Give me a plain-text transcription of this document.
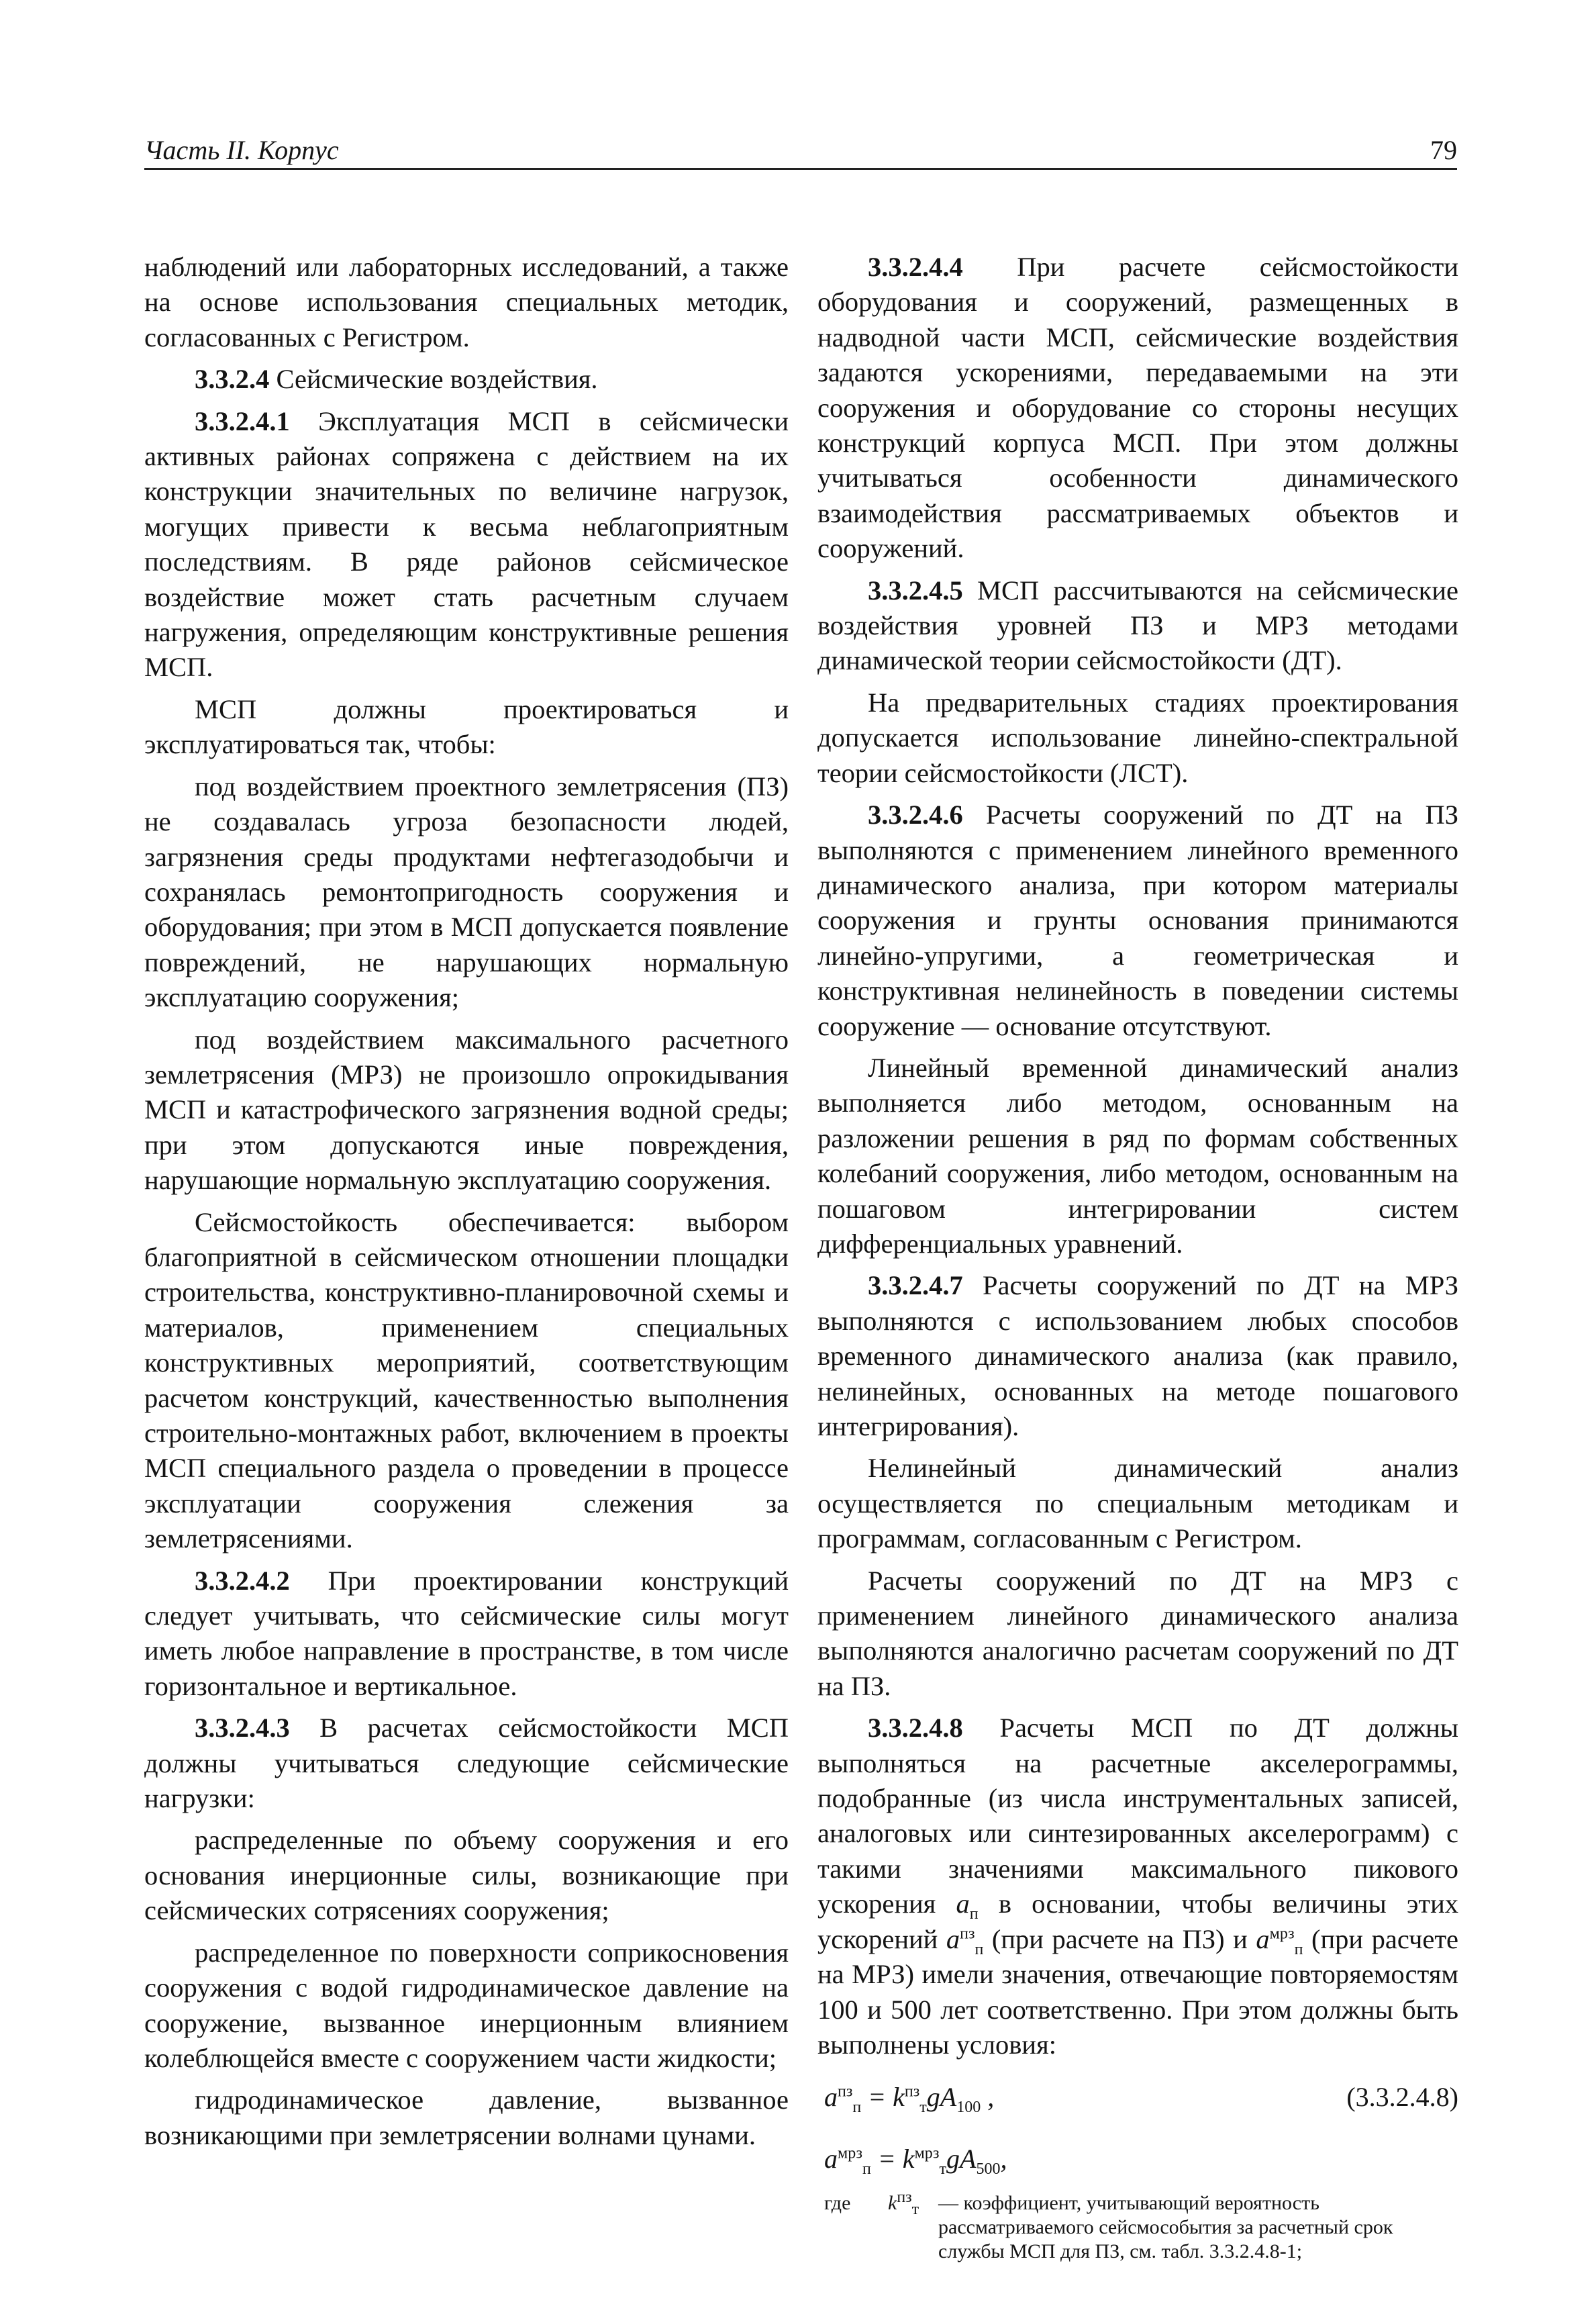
Часть II. Корпус	79

наблюдений или лабораторных исследований, а также на основе использования специальных методик, согласованных с Регистром.

3.3.2.4 Сейсмические воздействия.

3.3.2.4.1 Эксплуатация МСП в сейсмически активных районах сопряжена с действием на их конструкции значительных по величине нагрузок, могущих привести к весьма неблагоприятным последствиям. В ряде районов сейсмическое воздействие может стать расчетным случаем нагружения, определяющим конструктивные решения МСП.

МСП должны проектироваться и эксплуатироваться так, чтобы:

под воздействием проектного землетрясения (ПЗ) не создавалась угроза безопасности людей, загрязнения среды продуктами нефтегазодобычи и сохранялась ремонтопригодность сооружения и оборудования; при этом в МСП допускается появление повреждений, не нарушающих нормальную эксплуатацию сооружения;

под воздействием максимального расчетного землетрясения (МРЗ) не произошло опрокидывания МСП и катастрофического загрязнения водной среды; при этом допускаются иные повреждения, нарушающие нормальную эксплуатацию сооружения.

Сейсмостойкость обеспечивается: выбором благоприятной в сейсмическом отношении площадки строительства, конструктивно-планировочной схемы и материалов, применением специальных конструктивных мероприятий, соответствующим расчетом конструкций, качественностью выполнения строительно-монтажных работ, включением в проекты МСП специального раздела о проведении в процессе эксплуатации сооружения слежения за землетрясениями.

3.3.2.4.2 При проектировании конструкций следует учитывать, что сейсмические силы могут иметь любое направление в пространстве, в том числе горизонтальное и вертикальное.

3.3.2.4.3 В расчетах сейсмостойкости МСП должны учитываться следующие сейсмические нагрузки:

распределенные по объему сооружения и его основания инерционные силы, возникающие при сейсмических сотрясениях сооружения;

распределенное по поверхности соприкосновения сооружения с водой гидродинамическое давление на сооружение, вызванное инерционным влиянием колеблющейся вместе с сооружением части жидкости;

гидродинамическое давление, вызванное возникающими при землетрясении волнами цунами.

3.3.2.4.4 При расчете сейсмостойкости оборудования и сооружений, размещенных в надводной части МСП, сейсмические воздействия задаются ускорениями, передаваемыми на эти сооружения и оборудование со стороны несущих конструкций корпуса МСП. При этом должны учитываться особенности динамического взаимодействия рассматриваемых объектов и сооружений.

3.3.2.4.5 МСП рассчитываются на сейсмические воздействия уровней ПЗ и МРЗ методами динамической теории сейсмостойкости (ДТ).

На предварительных стадиях проектирования допускается использование линейно-спектральной теории сейсмостойкости (ЛСТ).

3.3.2.4.6 Расчеты сооружений по ДТ на ПЗ выполняются с применением линейного временного динамического анализа, при котором материалы сооружения и грунты основания принимаются линейно-упругими, а геометрическая и конструктивная нелинейность в поведении системы сооружение — основание отсутствуют.

Линейный временной динамический анализ выполняется либо методом, основанным на разложении решения в ряд по формам собственных колебаний сооружения, либо методом, основанным на пошаговом интегрировании систем дифференциальных уравнений.

3.3.2.4.7 Расчеты сооружений по ДТ на МРЗ выполняются с использованием любых способов временного динамического анализа (как правило, нелинейных, основанных на методе пошагового интегрирования).

Нелинейный динамический анализ осуществляется по специальным методикам и программам, согласованным с Регистром.

Расчеты сооружений по ДТ на МРЗ с применением линейного динамического анализа выполняются аналогично расчетам сооружений по ДТ на ПЗ.

3.3.2.4.8 Расчеты МСП по ДТ должны выполняться на расчетные акселерограммы, подобранные (из числа инструментальных записей, аналоговых или синтезированных акселерограмм) с такими значениями максимального пикового ускорения $a_п$ в основании, чтобы величины этих ускорений $a^{пз}_п$ (при расчете на ПЗ) и $a^{мрз}_п$ (при расчете на МРЗ) имели значения, отвечающие повторяемостям 100 и 500 лет соответственно. При этом должны быть выполнены условия:

$a^{пз}_п = k^{пз}_тgA_{100}$ ,	(3.3.2.4.8)
$a^{мрз}_п = k^{мрз}_тgA_{500}$,
где $k^{пз}_т$ — коэффициент, учитывающий вероятность рассматриваемого сейсмособытия за расчетный срок службы МСП для ПЗ, см. табл. 3.3.2.4.8-1;
